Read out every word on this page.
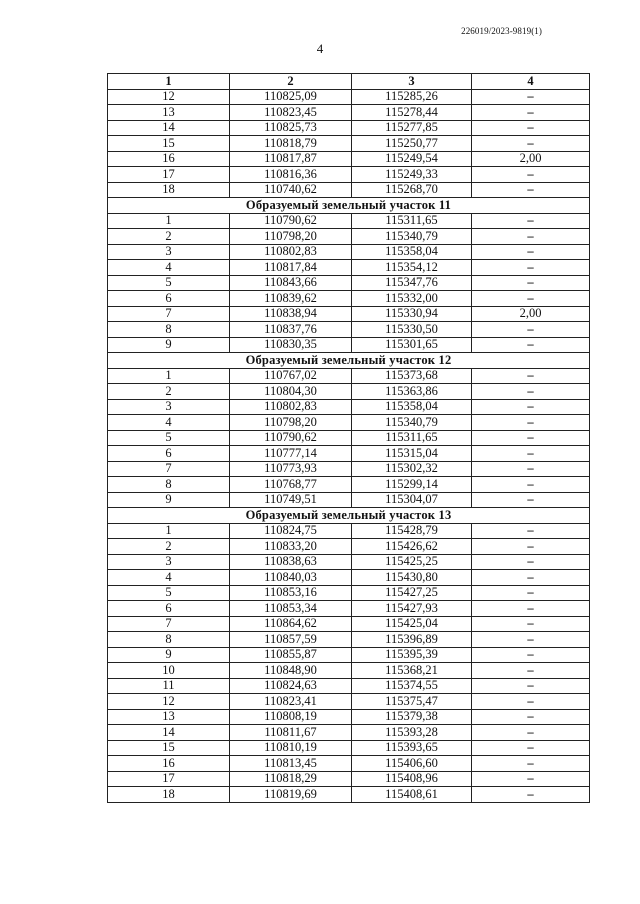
226019/2023-9819(1)
4
1	2	3	4
12	110825,09	115285,26	–
13	110823,45	115278,44	–
14	110825,73	115277,85	–
15	110818,79	115250,77	–
16	110817,87	115249,54	2,00
17	110816,36	115249,33	–
18	110740,62	115268,70	–
Образуемый земельный участок 11			
1	110790,62	115311,65	–
2	110798,20	115340,79	–
3	110802,83	115358,04	–
4	110817,84	115354,12	–
5	110843,66	115347,76	–
6	110839,62	115332,00	–
7	110838,94	115330,94	2,00
8	110837,76	115330,50	–
9	110830,35	115301,65	–
Образуемый земельный участок 12			
1	110767,02	115373,68	–
2	110804,30	115363,86	–
3	110802,83	115358,04	–
4	110798,20	115340,79	–
5	110790,62	115311,65	–
6	110777,14	115315,04	–
7	110773,93	115302,32	–
8	110768,77	115299,14	–
9	110749,51	115304,07	–
Образуемый земельный участок 13			
1	110824,75	115428,79	–
2	110833,20	115426,62	–
3	110838,63	115425,25	–
4	110840,03	115430,80	–
5	110853,16	115427,25	–
6	110853,34	115427,93	–
7	110864,62	115425,04	–
8	110857,59	115396,89	–
9	110855,87	115395,39	–
10	110848,90	115368,21	–
11	110824,63	115374,55	–
12	110823,41	115375,47	–
13	110808,19	115379,38	–
14	110811,67	115393,28	–
15	110810,19	115393,65	–
16	110813,45	115406,60	–
17	110818,29	115408,96	–
18	110819,69	115408,61	–
